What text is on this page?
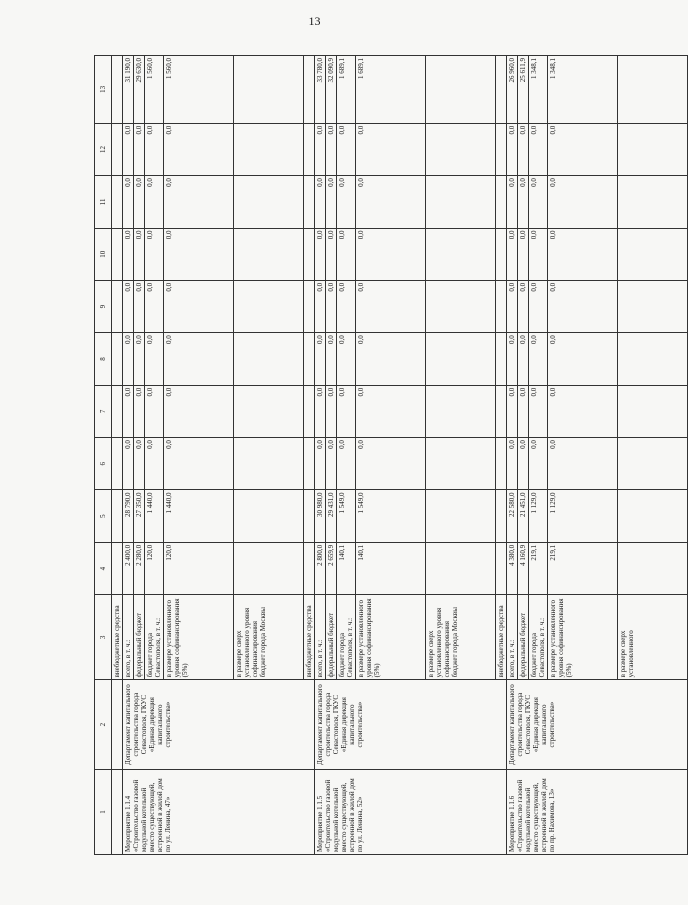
13
1	2	3	4	5	6	7	8	9	10	11	12	13
		внебюджетные средства										
Мероприятие 1.1.4 «Строительство газовой модульной котельной вместо существующей, встроенной в жилой дом по ул. Ленина, 47»	Департамент капитального строительства города Севастополя, ГКУС «Единая дирекция капитального строительства»	всего, в т. ч.:	2 400,0	28 790,0	0,0	0,0	0,0	0,0	0,0	0,0	0,0	31 190,0
		федеральный бюджет	2 280,0	27 350,0	0,0	0,0	0,0	0,0	0,0	0,0	0,0	29 630,0
		бюджет города Севастополя, в т. ч.:	120,0	1 440,0	0,0	0,0	0,0	0,0	0,0	0,0	0,0	1 560,0
		в размере установленного уровня софинансирования (5%)	120,0	1 440,0	0,0	0,0	0,0	0,0	0,0	0,0	0,0	1 560,0
		в размере сверх установленного уровня софинансирования бюджет города Москвы										
		внебюджетные средства										
Мероприятие 1.1.5 «Строительство газовой модульной котельной вместо существующей, встроенной в жилой дом по ул. Ленина, 52»	Департамент капитального строительства города Севастополя, ГКУС «Единая дирекция капитального строительства»	всего, в т. ч.:	2 800,0	30 980,0	0,0	0,0	0,0	0,0	0,0	0,0	0,0	33 780,0
		федеральный бюджет	2 659,9	29 431,0	0,0	0,0	0,0	0,0	0,0	0,0	0,0	32 090,9
		бюджет города Севастополя, в т. ч.:	140,1	1 549,0	0,0	0,0	0,0	0,0	0,0	0,0	0,0	1 689,1
		в размере установленного уровня софинансирования (5%)	140,1	1 549,0	0,0	0,0	0,0	0,0	0,0	0,0	0,0	1 689,1
		в размере сверх установленного уровня софинансирования бюджет города Москвы										
		внебюджетные средства										
Мероприятие 1.1.6 «Строительство газовой модульной котельной вместо существующей, встроенной в жилой дом по пр. Нахимова, 13»	Департамент капитального строительства города Севастополя, ГКУС «Единая дирекция капитального строительства»	всего, в т. ч.:	4 380,0	22 580,0	0,0	0,0	0,0	0,0	0,0	0,0	0,0	26 960,0
		федеральный бюджет	4 160,9	21 451,0	0,0	0,0	0,0	0,0	0,0	0,0	0,0	25 611,9
		бюджет города Севастополя, в т. ч.:	219,1	1 129,0	0,0	0,0	0,0	0,0	0,0	0,0	0,0	1 348,1
		в размере установленного уровня софинансирования (5%)	219,1	1 129,0	0,0	0,0	0,0	0,0	0,0	0,0	0,0	1 348,1
		в размере сверх установленного										
